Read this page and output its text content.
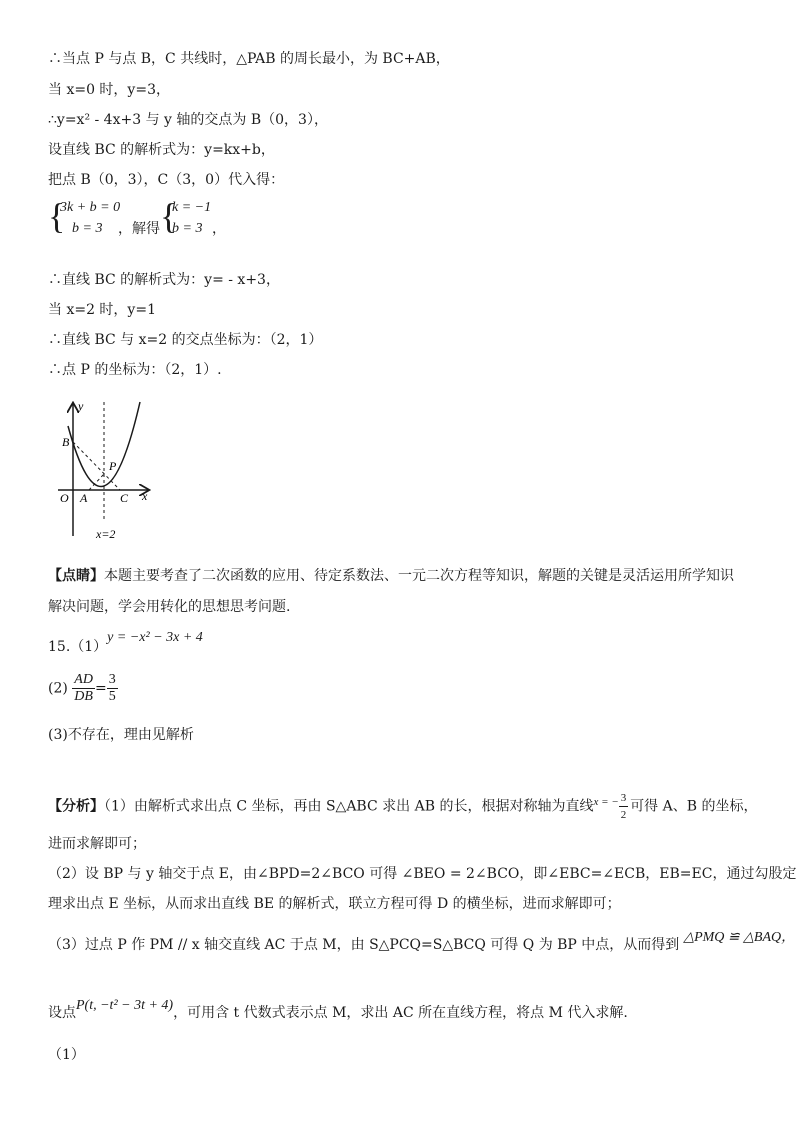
∴当点 P 与点 B，C 共线时，△PAB 的周长最小，为 BC+AB，
当 x=0 时，y=3，
∴y=x² - 4x+3 与 y 轴的交点为 B（0，3），
设直线 BC 的解析式为：y=kx+b，
把点 B（0，3），C（3，0）代入得：
{
3k + b = 0
b = 3 ，解得 {
k = −1
b = 3 ，
∴直线 BC 的解析式为：y= - x+3，
当 x=2 时，y=1
∴直线 BC 与 x=2 的交点坐标为：（2，1）
∴点 P 的坐标为：（2，1）.
y
x
O
B
A	C
P
x=2
【点睛】本题主要考查了二次函数的应用、待定系数法、一元二次方程等知识，解题的关键是灵活运用所学知识
解决问题，学会用转化的思想思考问题.
15.（1）y = −x² − 3x + 4
$(2) \frac{AD}{DB} = \frac{3}{5}$
(3)不存在，理由见解析
【分析】（1）由解析式求出点 C 坐标，再由 S△ABC 求出 AB 的长，根据对称轴为直线$^{x = -} \frac{3}{2}$ 可得 A、B 的坐标，
进而求解即可；
（2）设 BP 与 y 轴交于点 E，由∠BPD=2∠BCO 可得 ∠BEO = 2∠BCO，即∠EBC=∠ECB，EB=EC，通过勾股定
理求出点 E 坐标，从而求出直线 BE 的解析式，联立方程可得 D 的横坐标，进而求解即可；
（3）过点 P 作 PM // x 轴交直线 AC 于点 M，由 S△PCQ=S△BCQ 可得 Q 为 BP 中点，从而得到 △PMQ ≌ △BAQ，
设点P(t, −t² − 3t + 4)，可用含 t 代数式表示点 M，求出 AC 所在直线方程，将点 M 代入求解.
（1）
